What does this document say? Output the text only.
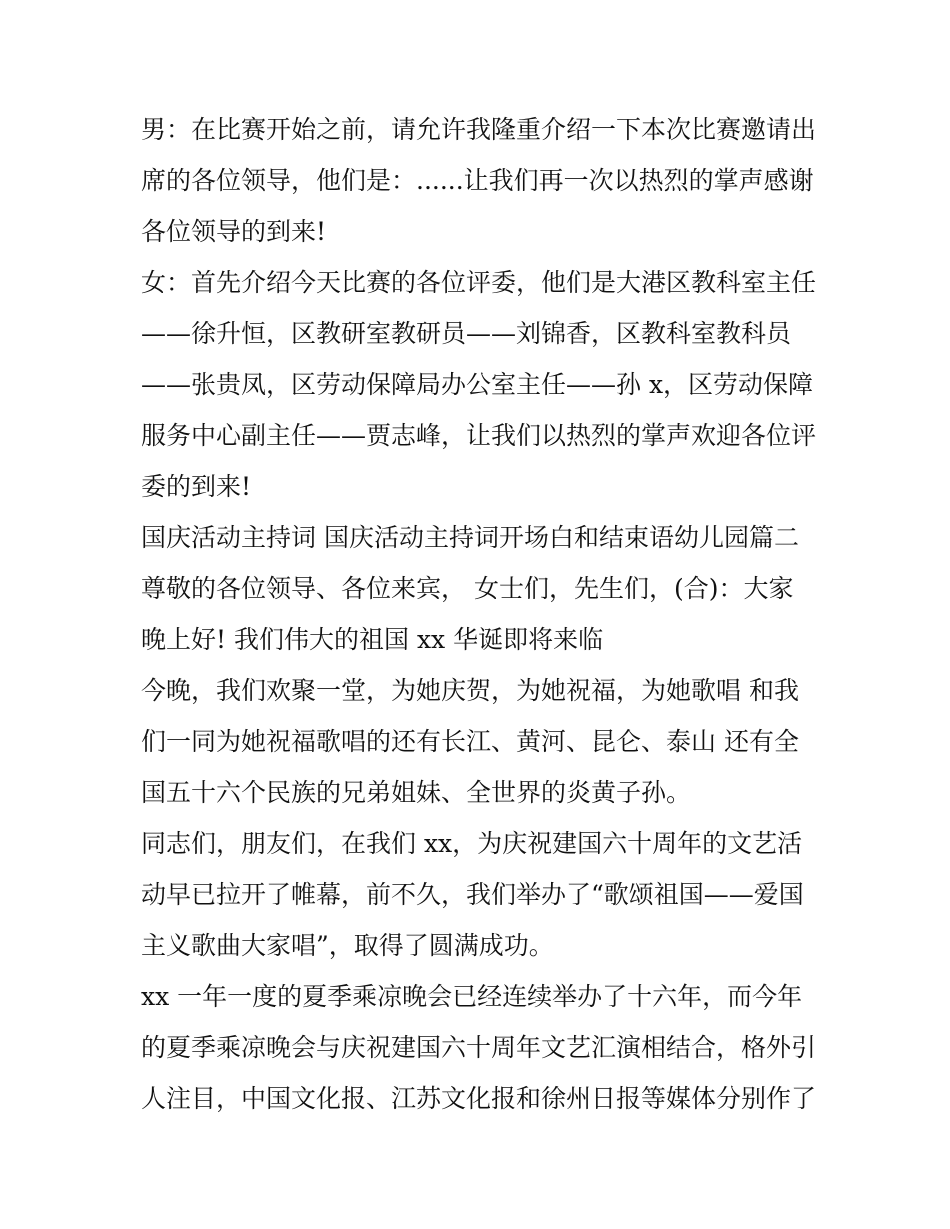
男：在比赛开始之前，请允许我隆重介绍一下本次比赛邀请出
席的各位领导，他们是：......让我们再一次以热烈的掌声感谢
各位领导的到来!
女：首先介绍今天比赛的各位评委，他们是大港区教科室主任
——徐升恒，区教研室教研员——刘锦香，区教科室教科员
——张贵凤，区劳动保障局办公室主任——孙 x，区劳动保障
服务中心副主任——贾志峰，让我们以热烈的掌声欢迎各位评
委的到来!
国庆活动主持词 国庆活动主持词开场白和结束语幼儿园篇二
尊敬的各位领导、各位来宾， 女士们，先生们，(合)：大家
晚上好! 我们伟大的祖国 xx 华诞即将来临
今晚，我们欢聚一堂，为她庆贺，为她祝福，为她歌唱 和我
们一同为她祝福歌唱的还有长江、黄河、昆仑、泰山 还有全
国五十六个民族的兄弟姐妹、全世界的炎黄子孙。
同志们，朋友们，在我们 xx，为庆祝建国六十周年的文艺活
动早已拉开了帷幕，前不久，我们举办了“歌颂祖国——爱国
主义歌曲大家唱”，取得了圆满成功。
xx 一年一度的夏季乘凉晚会已经连续举办了十六年，而今年
的夏季乘凉晚会与庆祝建国六十周年文艺汇演相结合，格外引
人注目，中国文化报、江苏文化报和徐州日报等媒体分别作了
